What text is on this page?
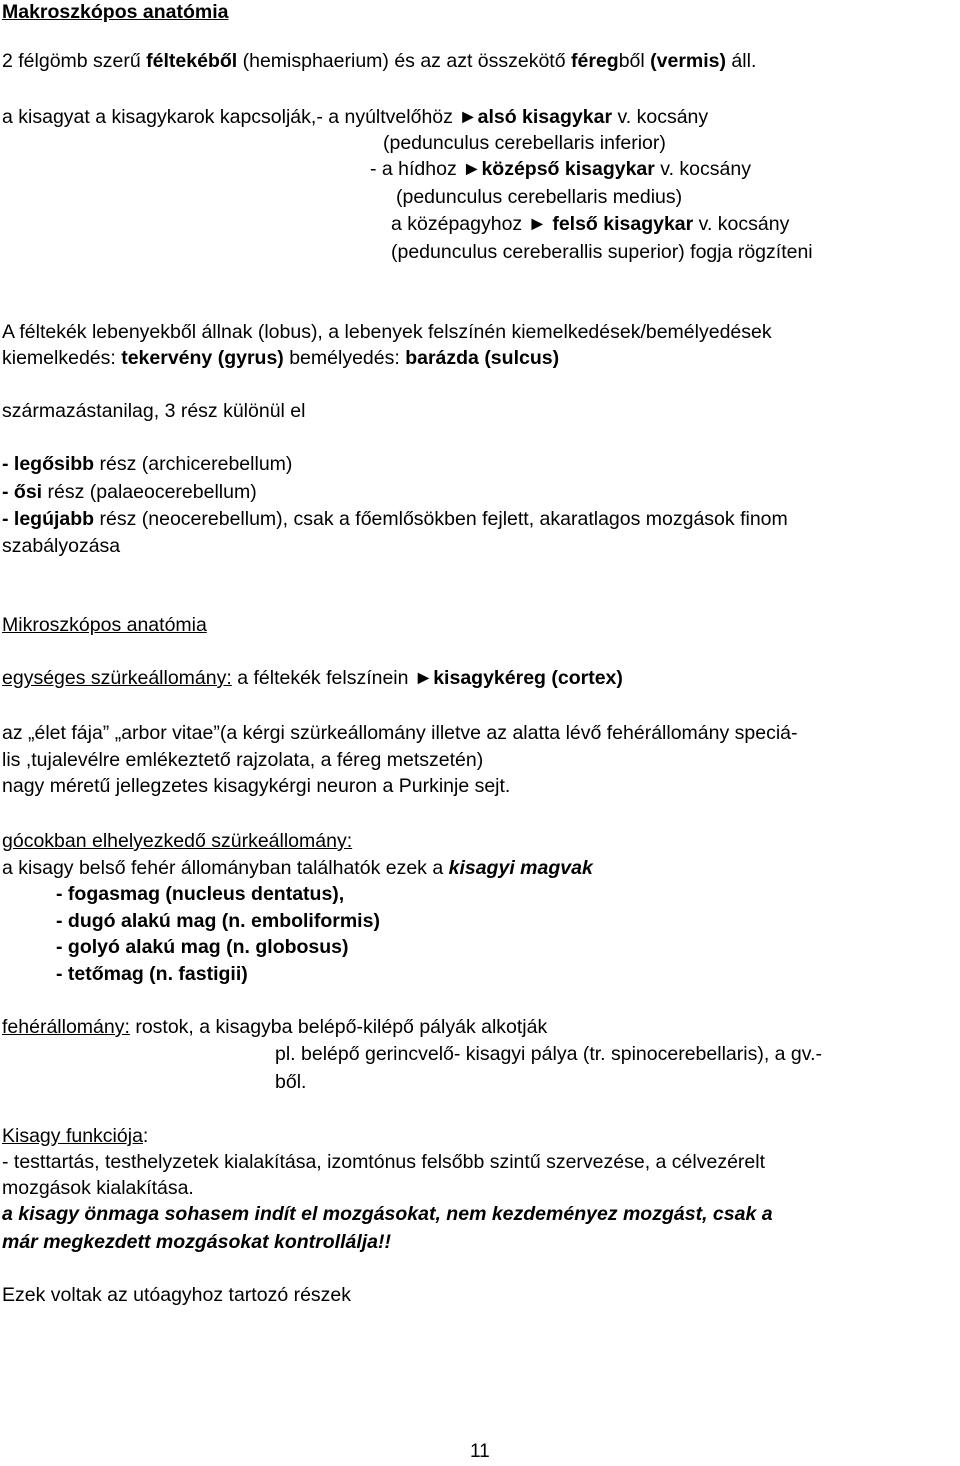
Makroszkópos anatómia
2 félgömb szerű féltekéből (hemisphaerium) és az azt összekötő féregből (vermis) áll.
a kisagyat a kisagykarok kapcsolják,- a nyúltvelőhöz ►alsó kisagykar v. kocsány
(pedunculus cerebellaris inferior)
- a hídhoz ►középső kisagykar v. kocsány
(pedunculus cerebellaris medius)
a középagyhoz ► felső kisagykar v. kocsány
(pedunculus cereberallis superior) fogja rögzíteni
A féltekék lebenyekből állnak (lobus), a lebenyek felszínén kiemelkedések/bemélyedések
kiemelkedés: tekervény (gyrus) bemélyedés: barázda (sulcus)
származástanilag, 3 rész különül el
- legősibb rész (archicerebellum)
- ősi rész (palaeocerebellum)
- legújabb rész (neocerebellum), csak a főemlősökben fejlett, akaratlagos mozgások finom
szabályozása
Mikroszkópos anatómia
egységes szürkeállomány: a féltekék felszínein ►kisagykéreg (cortex)
az „élet fája” „arbor vitae”(a kérgi szürkeállomány illetve az alatta lévő fehérállomány speciá-
lis ,tujalevélre emlékeztető rajzolata, a féreg metszetén)
nagy méretű jellegzetes kisagykérgi neuron a Purkinje sejt.
gócokban elhelyezkedő szürkeállomány:
a kisagy belső fehér állományban találhatók ezek a kisagyi magvak
- fogasmag (nucleus dentatus),
- dugó alakú mag (n. emboliformis)
- golyó alakú mag (n. globosus)
- tetőmag (n. fastigii)
fehérállomány: rostok, a kisagyba belépő-kilépő pályák alkotják
pl. belépő gerincvelő- kisagyi pálya (tr. spinocerebellaris), a gv.-
ből.
Kisagy funkciója:
- testtartás, testhelyzetek kialakítása, izomtónus felsőbb szintű szervezése, a célvezérelt
mozgások kialakítása.
a kisagy önmaga sohasem indít el mozgásokat, nem kezdeményez mozgást, csak a
már megkezdett mozgásokat kontrollálja!!
Ezek voltak az utóagyhoz tartozó részek
11
